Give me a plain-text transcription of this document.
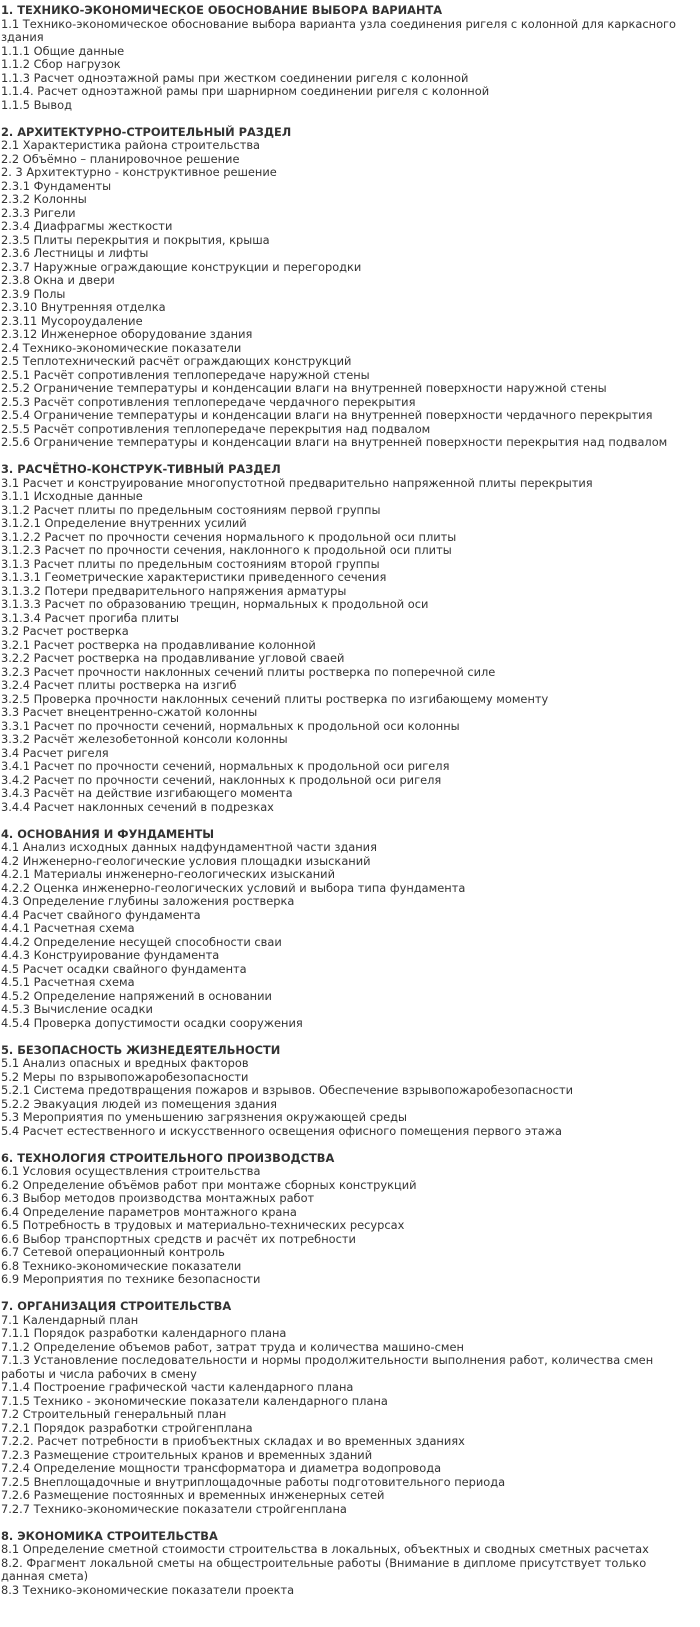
1. ТЕХНИКО-ЭКОНОМИЧЕСКОЕ ОБОСНОВАНИЕ ВЫБОРА ВАРИАНТА
1.1 Технико-экономическое обоснование выбора варианта узла соединения ригеля с колонной для каркасного здания
1.1.1 Общие данные
1.1.2 Сбор нагрузок
1.1.3 Расчет одноэтажной рамы при жестком соединении ригеля с колонной
1.1.4. Расчет одноэтажной рамы при шарнирном соединении ригеля с колонной
1.1.5 Вывод
2. АРХИТЕКТУРНО-СТРОИТЕЛЬНЫЙ РАЗДЕЛ
2.1 Характеристика района строительства
2.2 Объёмно – планировочное решение
2. 3 Архитектурно - конструктивное решение
2.3.1 Фундаменты
2.3.2 Колонны
2.3.3 Ригели
2.3.4 Диафрагмы жесткости
2.3.5 Плиты перекрытия и покрытия, крыша
2.3.6 Лестницы и лифты
2.3.7 Наружные ограждающие конструкции и перегородки
2.3.8 Окна и двери
2.3.9 Полы
2.3.10 Внутренняя отделка
2.3.11 Мусороудаление
2.3.12 Инженерное оборудование здания
2.4 Технико-экономические показатели
2.5 Теплотехнический расчёт ограждающих конструкций
2.5.1 Расчёт сопротивления теплопередаче наружной стены
2.5.2 Ограничение температуры и конденсации влаги на внутренней поверхности наружной стены
2.5.3 Расчёт сопротивления теплопередаче чердачного перекрытия
2.5.4 Ограничение температуры и конденсации влаги на внутренней поверхности чердачного перекрытия
2.5.5 Расчёт сопротивления теплопередаче перекрытия над подвалом
2.5.6 Ограничение температуры и конденсации влаги на внутренней поверхности перекрытия над подвалом
3. РАСЧЁТНО-КОНСТРУК-ТИВНЫЙ РАЗДЕЛ
3.1 Расчет и конструирование многопустотной предварительно напряженной плиты перекрытия
3.1.1 Исходные данные
3.1.2 Расчет плиты по предельным состояниям первой группы
3.1.2.1 Определение внутренних усилий
3.1.2.2 Расчет по прочности сечения нормального к продольной оси плиты
3.1.2.3 Расчет по прочности сечения, наклонного к продольной оси плиты
3.1.3 Расчет плиты по предельным состояниям второй группы
3.1.3.1 Геометрические характеристики приведенного сечения
3.1.3.2 Потери предварительного напряжения арматуры
3.1.3.3 Расчет по образованию трещин, нормальных к продольной оси
3.1.3.4 Расчет прогиба плиты
3.2 Расчет ростверка
3.2.1 Расчет ростверка на продавливание колонной
3.2.2 Расчет ростверка на продавливание угловой сваей
3.2.3 Расчет прочности наклонных сечений плиты ростверка по поперечной силе
3.2.4 Расчет плиты ростверка на изгиб
3.2.5 Проверка прочности наклонных сечений плиты ростверка по изгибающему моменту
3.3 Расчет внецентренно-сжатой колонны
3.3.1 Расчет по прочности сечений, нормальных к продольной оси колонны
3.3.2 Расчёт железобетонной консоли колонны
3.4 Расчет ригеля
3.4.1 Расчет по прочности сечений, нормальных к продольной оси ригеля
3.4.2 Расчет по прочности сечений, наклонных к продольной оси ригеля
3.4.3 Расчёт на действие изгибающего момента
3.4.4 Расчет наклонных сечений в подрезках
4. ОСНОВАНИЯ И ФУНДАМЕНТЫ
4.1 Анализ исходных данных надфундаментной части здания
4.2 Инженерно-геологические условия площадки изысканий
4.2.1 Материалы инженерно-геологических изысканий
4.2.2 Оценка инженерно-геологических условий и выбора типа фундамента
4.3 Определение глубины заложения ростверка
4.4 Расчет свайного фундамента
4.4.1 Расчетная схема
4.4.2 Определение несущей способности сваи
4.4.3 Конструирование фундамента
4.5 Расчет осадки свайного фундамента
4.5.1 Расчетная схема
4.5.2 Определение напряжений в основании
4.5.3 Вычисление осадки
4.5.4 Проверка допустимости осадки сооружения
5. БЕЗОПАСНОСТЬ ЖИЗНЕДЕЯТЕЛЬНОСТИ
5.1 Анализ опасных и вредных факторов
5.2 Меры по взрывопожаробезопасности
5.2.1 Система предотвращения пожаров и взрывов. Обеспечение взрывопожаробезопасности
5.2.2 Эвакуация людей из помещения здания
5.3 Мероприятия по уменьшению загрязнения окружающей среды
5.4 Расчет естественного и искусственного освещения офисного помещения первого этажа
6. ТЕХНОЛОГИЯ СТРОИТЕЛЬНОГО ПРОИЗВОДСТВА
6.1 Условия осуществления строительства
6.2 Определение объёмов работ при монтаже сборных конструкций
6.3 Выбор методов производства монтажных работ
6.4 Определение параметров монтажного крана
6.5 Потребность в трудовых и материально-технических ресурсах
6.6 Выбор транспортных средств и расчёт их потребности
6.7 Сетевой операционный контроль
6.8 Технико-экономические показатели
6.9 Мероприятия по технике безопасности
7. ОРГАНИЗАЦИЯ СТРОИТЕЛЬСТВА
7.1 Календарный план
7.1.1 Порядок разработки календарного плана
7.1.2 Определение объемов работ, затрат труда и количества машино-смен
7.1.3 Установление последовательности и нормы продолжительности выполнения работ, количества смен работы и числа рабочих в смену
7.1.4 Построение графической части календарного плана
7.1.5 Технико - экономические показатели календарного плана
7.2 Строительный генеральный план
7.2.1 Порядок разработки стройгенплана
7.2.2. Расчет потребности в приобъектных складах и во временных зданиях
7.2.3 Размещение строительных кранов и временных зданий
7.2.4 Определение мощности трансформатора и диаметра водопровода
7.2.5 Внеплощадочные и внутриплощадочные работы подготовительного периода
7.2.6 Размещение постоянных и временных инженерных сетей
7.2.7 Технико-экономические показатели стройгенплана
8. ЭКОНОМИКА СТРОИТЕЛЬСТВА
8.1 Определение сметной стоимости строительства в локальных, объектных и сводных сметных расчетах
8.2. Фрагмент локальной сметы на общестроительные работы (Внимание в дипломе присутствует только данная смета)
8.3 Технико-экономические показатели проекта
